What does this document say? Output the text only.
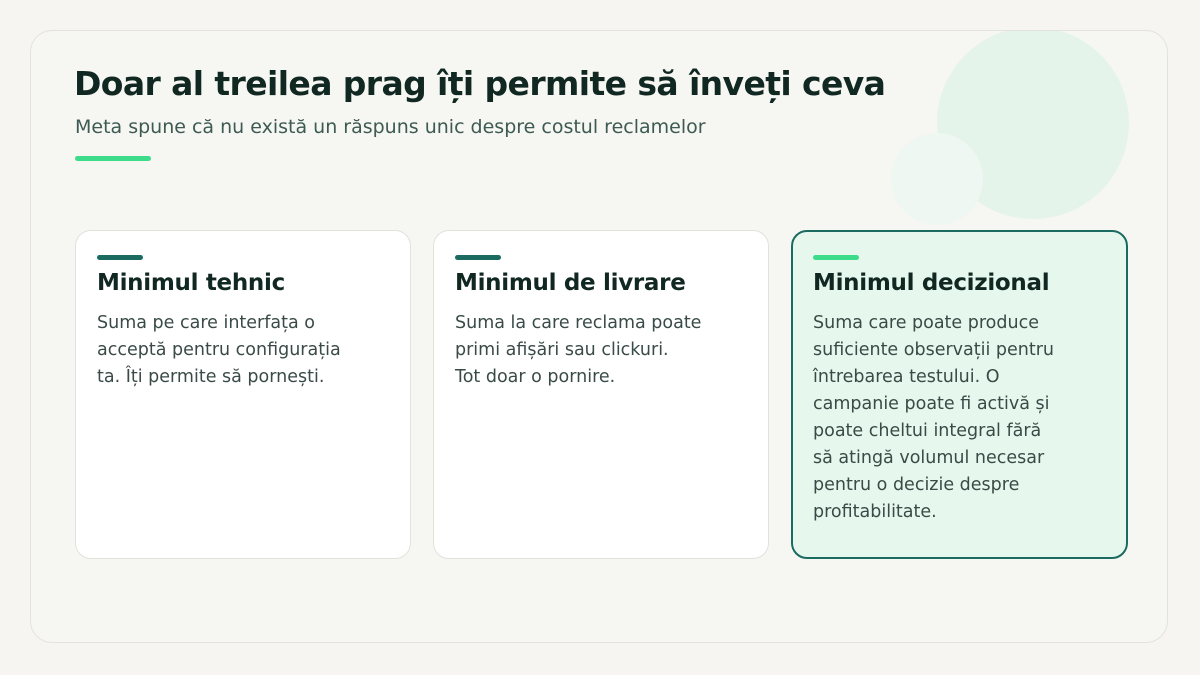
Doar al treilea prag îți permite să înveți ceva

Meta spune că nu există un răspuns unic despre costul reclamelor

Minimul tehnic

Suma pe care interfața o
acceptă pentru configurația
ta. Îți permite să pornești.

Minimul de livrare

Suma la care reclama poate
primi afișări sau clickuri.
Tot doar o pornire.

Minimul decizional

Suma care poate produce
suficiente observații pentru
întrebarea testului. O
campanie poate fi activă și
poate cheltui integral fără
să atingă volumul necesar
pentru o decizie despre
profitabilitate.
